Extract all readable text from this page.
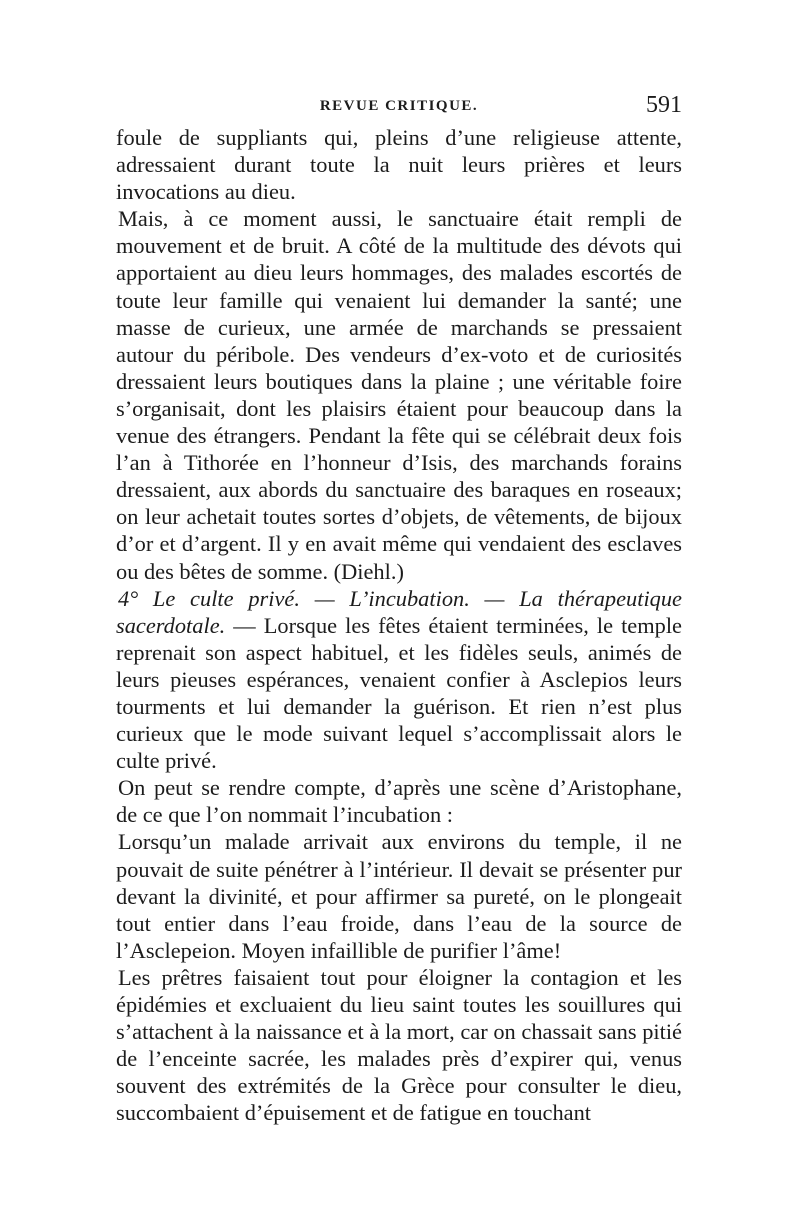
REVUE CRITIQUE.	591

foule de suppliants qui, pleins d’une religieuse attente, adressaient durant toute la nuit leurs prières et leurs invocations au dieu.

Mais, à ce moment aussi, le sanctuaire était rempli de mouvement et de bruit. A côté de la multitude des dévots qui apportaient au dieu leurs hommages, des malades escortés de toute leur famille qui venaient lui demander la santé; une masse de curieux, une armée de marchands se pressaient autour du péribole. Des vendeurs d’ex-voto et de curiosités dressaient leurs boutiques dans la plaine ; une véritable foire s’organisait, dont les plaisirs étaient pour beaucoup dans la venue des étrangers. Pendant la fête qui se célébrait deux fois l’an à Tithorée en l’honneur d’Isis, des marchands forains dressaient, aux abords du sanctuaire des baraques en roseaux; on leur achetait toutes sortes d’objets, de vêtements, de bijoux d’or et d’argent. Il y en avait même qui vendaient des esclaves ou des bêtes de somme. (Diehl.)

4° Le culte privé. — L’incubation. — La thérapeutique sacerdotale. — Lorsque les fêtes étaient terminées, le temple reprenait son aspect habituel, et les fidèles seuls, animés de leurs pieuses espérances, venaient confier à Asclepios leurs tourments et lui demander la guérison. Et rien n’est plus curieux que le mode suivant lequel s’accomplissait alors le culte privé.

On peut se rendre compte, d’après une scène d’Aristophane, de ce que l’on nommait l’incubation :

Lorsqu’un malade arrivait aux environs du temple, il ne pouvait de suite pénétrer à l’intérieur. Il devait se présenter pur devant la divinité, et pour affirmer sa pureté, on le plongeait tout entier dans l’eau froide, dans l’eau de la source de l’Asclepeion. Moyen infaillible de purifier l’âme!

Les prêtres faisaient tout pour éloigner la contagion et les épidémies et excluaient du lieu saint toutes les souillures qui s’attachent à la naissance et à la mort, car on chassait sans pitié de l’enceinte sacrée, les malades près d’expirer qui, venus souvent des extrémités de la Grèce pour consulter le dieu, succombaient d’épuisement et de fatigue en touchant
